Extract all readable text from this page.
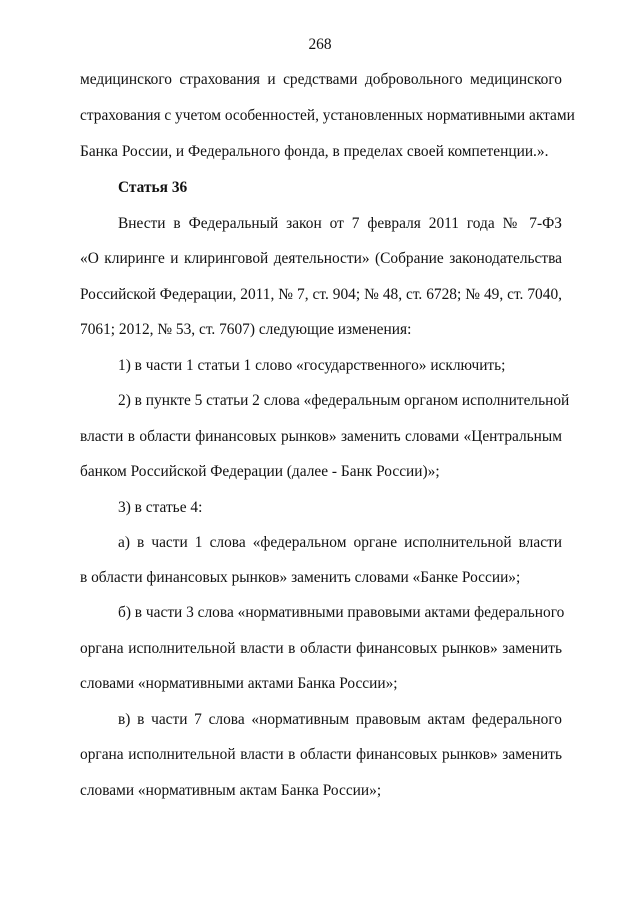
268
медицинского страхования и средствами добровольного медицинского
страхования с учетом особенностей, установленных нормативными актами
Банка России, и Федерального фонда, в пределах своей компетенции.».
Статья 36
Внести в Федеральный закон от 7 февраля 2011 года № 7-ФЗ
«О клиринге и клиринговой деятельности» (Собрание законодательства
Российской Федерации, 2011, № 7, ст. 904; № 48, ст. 6728; № 49, ст. 7040,
7061; 2012, № 53, ст. 7607) следующие изменения:
1) в части 1 статьи 1 слово «государственного» исключить;
2) в пункте 5 статьи 2 слова «федеральным органом исполнительной
власти в области финансовых рынков» заменить словами «Центральным
банком Российской Федерации (далее - Банк России)»;
3) в статье 4:
а) в части 1 слова «федеральном органе исполнительной власти
в области финансовых рынков» заменить словами «Банке России»;
б) в части 3 слова «нормативными правовыми актами федерального
органа исполнительной власти в области финансовых рынков» заменить
словами «нормативными актами Банка России»;
в) в части 7 слова «нормативным правовым актам федерального
органа исполнительной власти в области финансовых рынков» заменить
словами «нормативным актам Банка России»;
